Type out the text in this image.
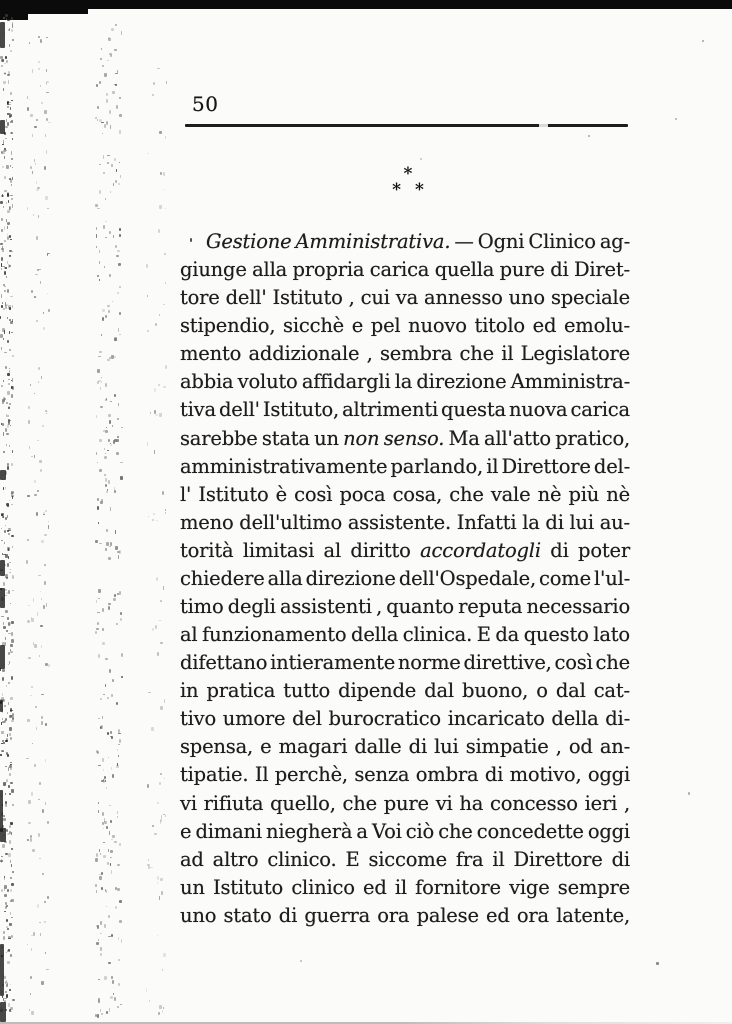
50
*
* *
Gestione Amministrativa. — Ogni Clinico ag-
giunge alla propria carica quella pure di Diret-
tore dell' Istituto , cui va annesso uno speciale
stipendio, sicchè e pel nuovo titolo ed emolu-
mento addizionale , sembra che il Legislatore
abbia voluto affidargli la direzione Amministra-
tiva dell' Istituto, altrimenti questa nuova carica
sarebbe stata un non senso. Ma all'atto pratico,
amministrativamente parlando, il Direttore del-
l' Istituto è così poca cosa, che vale nè più nè
meno dell'ultimo assistente. Infatti la di lui au-
torità limitasi al diritto accordatogli di poter
chiedere alla direzione dell'Ospedale, come l'ul-
timo degli assistenti , quanto reputa necessario
al funzionamento della clinica. E da questo lato
difettano intieramente norme direttive, così che
in pratica tutto dipende dal buono, o dal cat-
tivo umore del burocratico incaricato della di-
spensa, e magari dalle di lui simpatie , od an-
tipatie. Il perchè, senza ombra di motivo, oggi
vi rifiuta quello, che pure vi ha concesso ieri ,
e dimani niegherà a Voi ciò che concedette oggi
ad altro clinico. E siccome fra il Direttore di
un Istituto clinico ed il fornitore vige sempre
uno stato di guerra ora palese ed ora latente,
